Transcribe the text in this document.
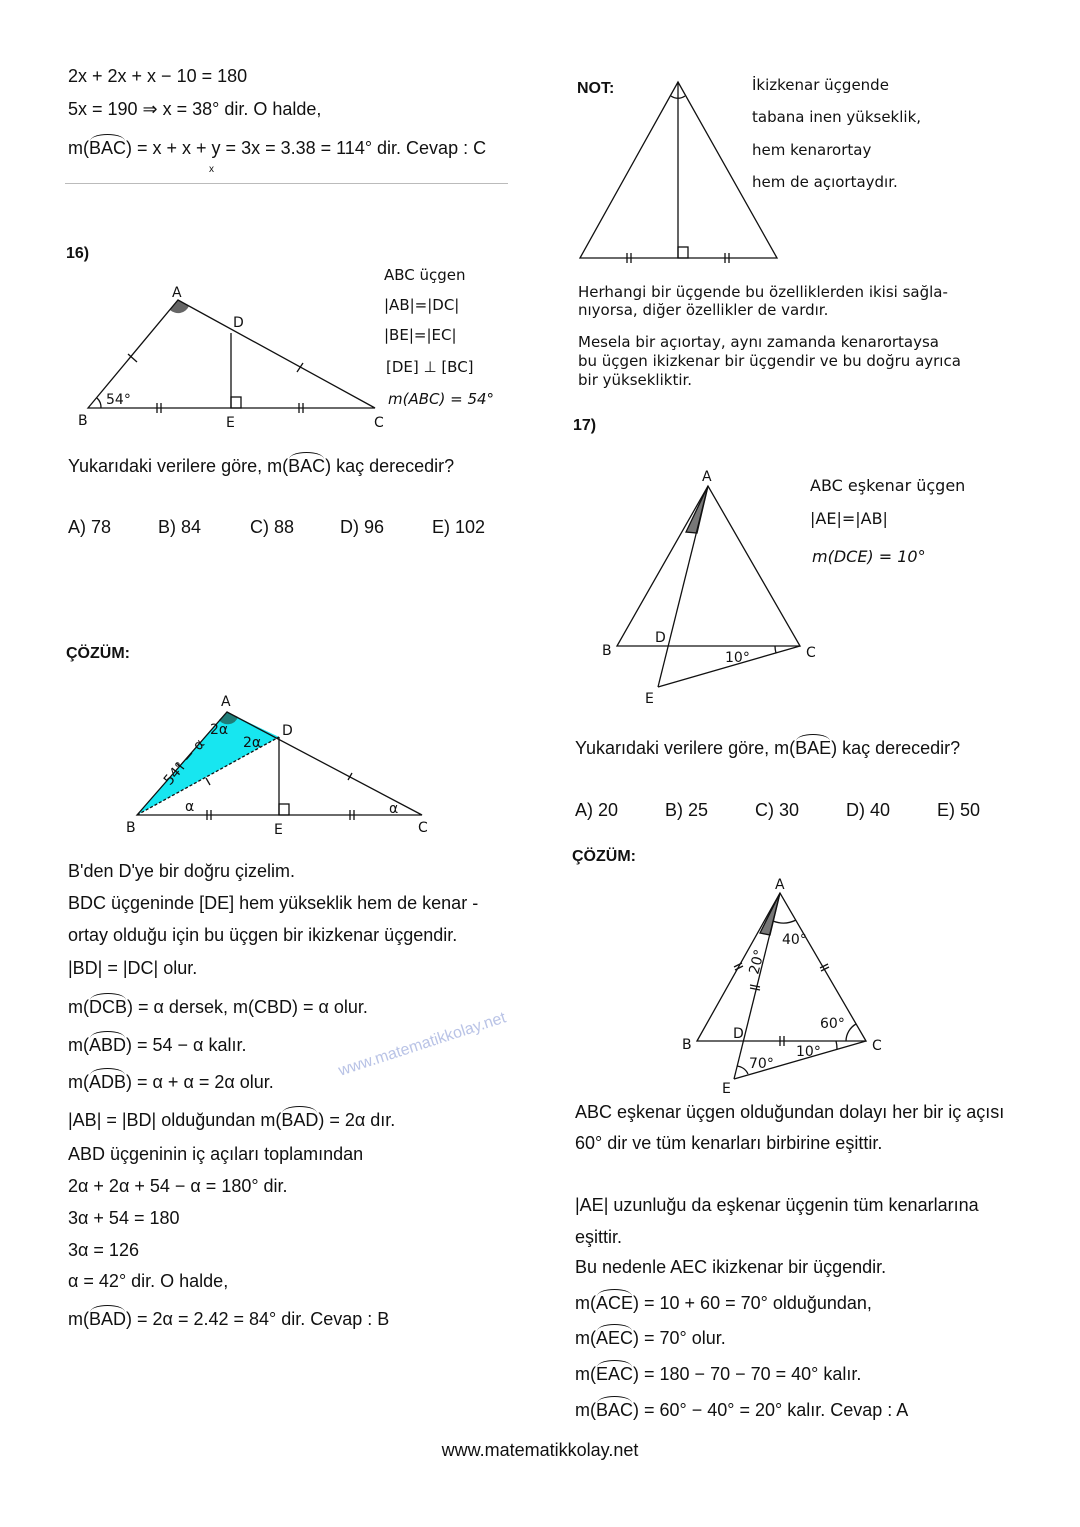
2x + 2x + x − 10 = 180
5x = 190 ⇒ x = 38° dir. O halde,
m(BAC) = x + x + y = 3x = 3.38 = 114° dir. Cevap : C
x
16)
A
D
B	E	C
54°
A
D
B	E	C
2α
2α
54° − α
α	α
A
B	C
D
E
10°
A
B	C
D
E
40°
20°
60°
10°
70°
ABC üçgen
|AB|=|DC|
|BE|=|EC|
[DE] ⊥ [BC]
m(ABC) = 54°
Yukarıdaki verilere göre, m(BAC) kaç derecedir?
A) 78	B) 84	C) 88	D) 96	E) 102
ÇÖZÜM:
B'den D'ye bir doğru çizelim.
BDC üçgeninde [DE] hem yükseklik hem de kenar -
ortay olduğu için bu üçgen bir ikizkenar üçgendir.
|BD| = |DC| olur.
m(DCB) = α dersek, m(CBD) = α olur.
m(ABD) = 54 − α kalır.
m(ADB) = α + α = 2α olur.
|AB| = |BD| olduğundan m(BAD) = 2α dır.
ABD üçgeninin iç açıları toplamından
2α + 2α + 54 − α = 180° dir.
3α + 54 = 180
3α = 126
α = 42° dir. O halde,
m(BAD) = 2α = 2.42 = 84° dir. Cevap : B
www.matematikkolay.net
NOT:	İkizkenar üçgende
tabana inen yükseklik,
hem kenarortay
hem de açıortaydır.
Herhangi bir üçgende bu özelliklerden ikisi sağla-
nıyorsa, diğer özellikler de vardır.
Mesela bir açıortay, aynı zamanda kenarortaysa
bu üçgen ikizkenar bir üçgendir ve bu doğru ayrıca
bir yüksekliktir.
17)
ABC eşkenar üçgen
|AE|=|AB|
m(DCE) = 10°
Yukarıdaki verilere göre, m(BAE) kaç derecedir?
A) 20	B) 25	C) 30	D) 40	E) 50
ÇÖZÜM:
ABC eşkenar üçgen olduğundan dolayı her bir iç açısı
60° dir ve tüm kenarları birbirine eşittir.
|AE| uzunluğu da eşkenar üçgenin tüm kenarlarına
eşittir.
Bu nedenle AEC ikizkenar bir üçgendir.
m(ACE) = 10 + 60 = 70° olduğundan,
m(AEC) = 70° olur.
m(EAC) = 180 − 70 − 70 = 40° kalır.
m(BAC) = 60° − 40° = 20° kalır. Cevap : A
www.matematikkolay.net
